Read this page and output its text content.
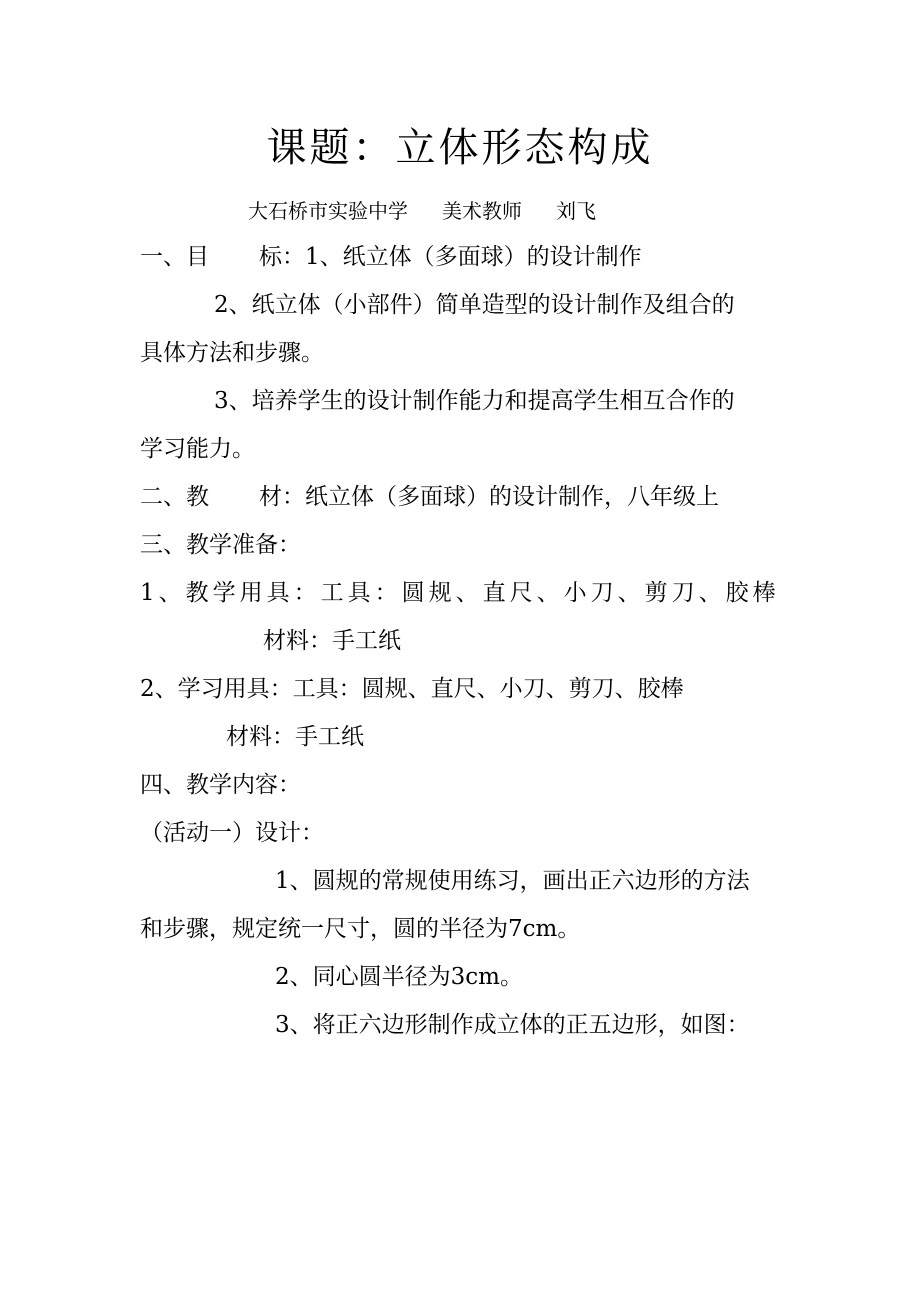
课题：立体形态构成
大石桥市实验中学 美术教师 刘飞
一、目 标：1、纸立体（多面球）的设计制作
2、纸立体（小部件）简单造型的设计制作及组合的
具体方法和步骤。
3、培养学生的设计制作能力和提高学生相互合作的
学习能力。
二、教 材：纸立体（多面球）的设计制作，八年级上
三、教学准备：
1、教学用具：工具：圆规、直尺、小刀、剪刀、胶棒
材料：手工纸
2、学习用具：工具：圆规、直尺、小刀、剪刀、胶棒
材料：手工纸
四、教学内容：
（活动一）设计：
1、圆规的常规使用练习，画出正六边形的方法
和步骤，规定统一尺寸，圆的半径为7cm。
2、同心圆半径为3cm。
3、将正六边形制作成立体的正五边形，如图：
